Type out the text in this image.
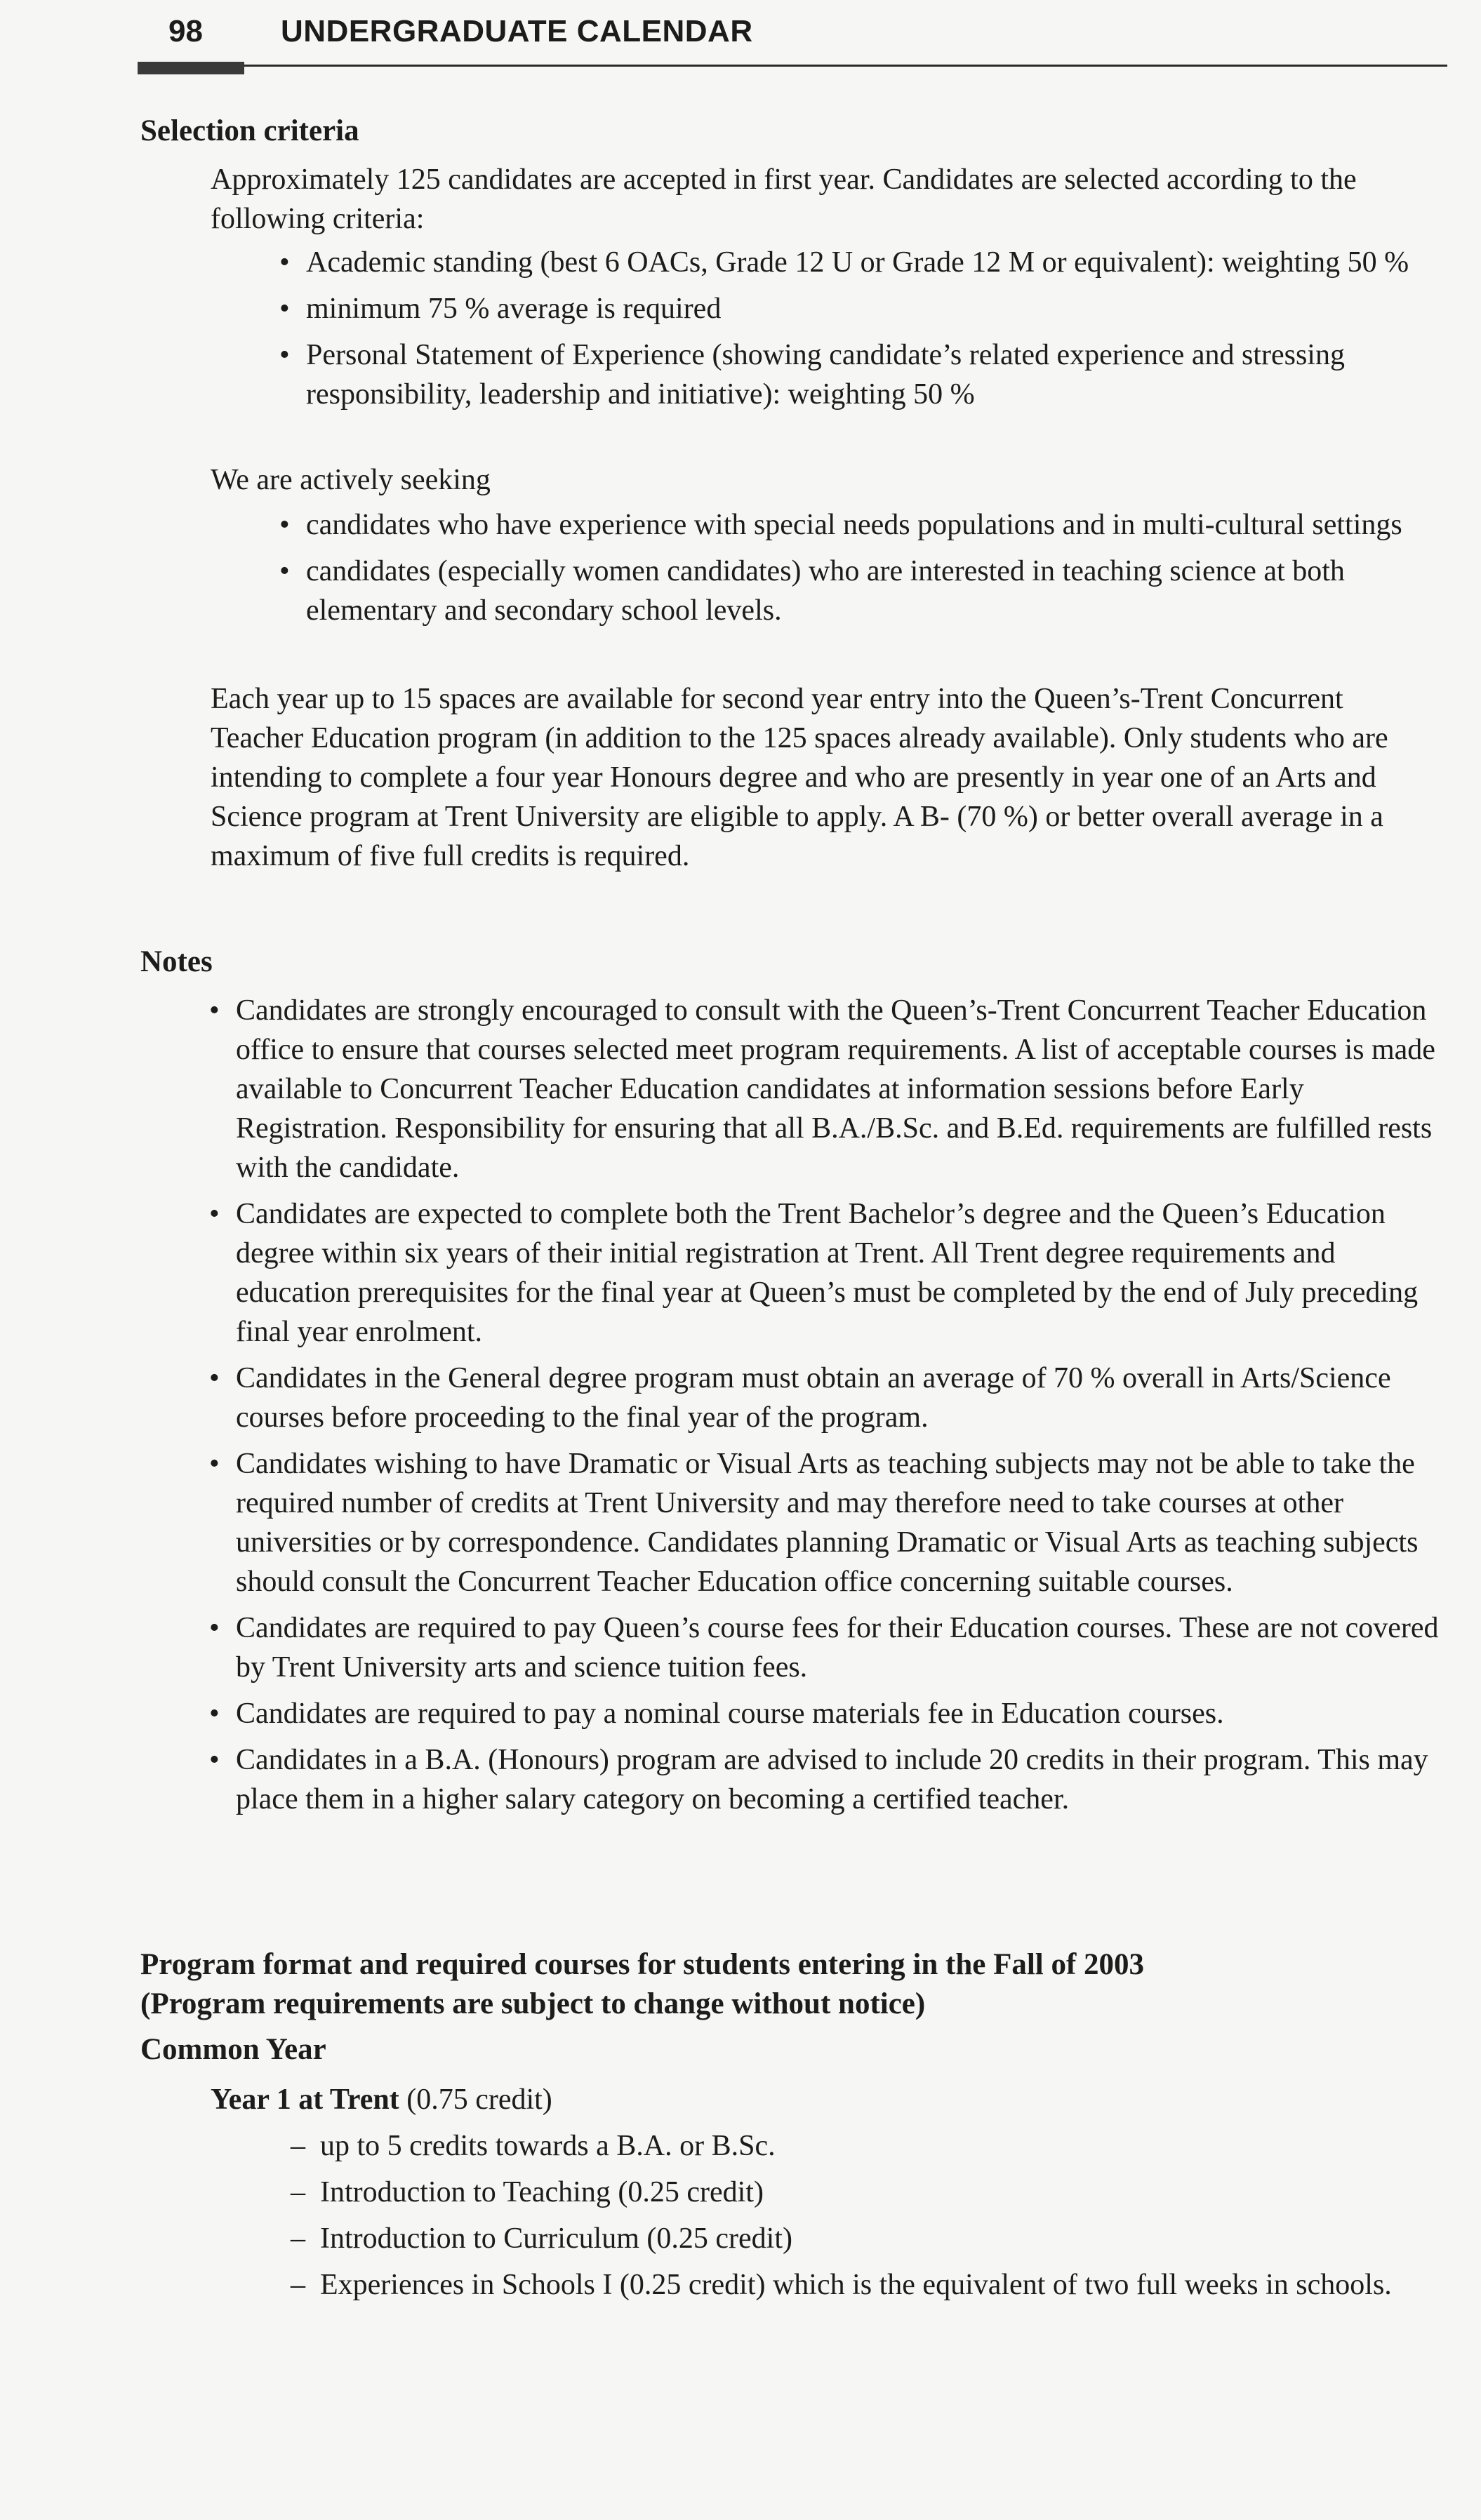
98	UNDERGRADUATE CALENDAR
Selection criteria

Approximately 125 candidates are accepted in first year. Candidates are selected according to the following criteria:

• Academic standing (best 6 OACs, Grade 12 U or Grade 12 M or equivalent): weighting 50 %
• minimum 75 % average is required
• Personal Statement of Experience (showing candidate’s related experience and stressing responsibility, leadership and initiative): weighting 50 %

We are actively seeking

• candidates who have experience with special needs populations and in multi-cultural settings
• candidates (especially women candidates) who are interested in teaching science at both elementary and secondary school levels.

Each year up to 15 spaces are available for second year entry into the Queen’s-Trent Concurrent Teacher Education program (in addition to the 125 spaces already available). Only students who are intending to complete a four year Honours degree and who are presently in year one of an Arts and Science program at Trent University are eligible to apply. A B- (70 %) or better overall average in a maximum of five full credits is required.

Notes
• Candidates are strongly encouraged to consult with the Queen’s-Trent Concurrent Teacher Education office to ensure that courses selected meet program requirements. A list of acceptable courses is made available to Concurrent Teacher Education candidates at information sessions before Early Registration. Responsibility for ensuring that all B.A./B.Sc. and B.Ed. requirements are fulfilled rests with the candidate.
• Candidates are expected to complete both the Trent Bachelor’s degree and the Queen’s Education degree within six years of their initial registration at Trent. All Trent degree requirements and education prerequisites for the final year at Queen’s must be completed by the end of July preceding final year enrolment.
• Candidates in the General degree program must obtain an average of 70 % overall in Arts/Science courses before proceeding to the final year of the program.
• Candidates wishing to have Dramatic or Visual Arts as teaching subjects may not be able to take the required number of credits at Trent University and may therefore need to take courses at other universities or by correspondence. Candidates planning Dramatic or Visual Arts as teaching subjects should consult the Concurrent Teacher Education office concerning suitable courses.
• Candidates are required to pay Queen’s course fees for their Education courses. These are not covered by Trent University arts and science tuition fees.
• Candidates are required to pay a nominal course materials fee in Education courses.
• Candidates in a B.A. (Honours) program are advised to include 20 credits in their program. This may place them in a higher salary category on becoming a certified teacher.
Program format and required courses for students entering in the Fall of 2003
(Program requirements are subject to change without notice)
Common Year
Year 1 at Trent (0.75 credit)
– up to 5 credits towards a B.A. or B.Sc.
– Introduction to Teaching (0.25 credit)
– Introduction to Curriculum (0.25 credit)
– Experiences in Schools I (0.25 credit) which is the equivalent of two full weeks in schools.
